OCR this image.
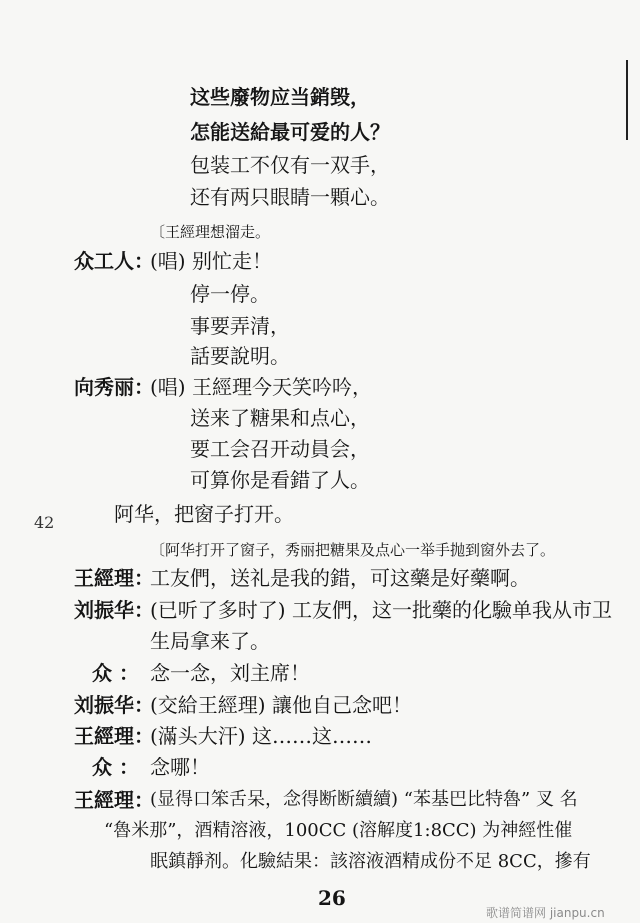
这些廢物应当銷毁，
怎能送給最可爱的人？
包装工不仅有一双手，
还有两只眼睛一顆心。
〔王經理想溜走。
众工人：
(唱) 别忙走！
停一停。
事要弄清，
話要說明。
向秀丽：
(唱) 王經理今天笑吟吟，
送来了糖果和点心，
要工会召开动員会，
可算你是看錯了人。
42	阿华，把窗子打开。
〔阿华打开了窗子，秀丽把糖果及点心一举手抛到窗外去了。
王經理：
工友們，送礼是我的錯，可这藥是好藥啊。
刘振华：
(已听了多时了) 工友們，这一批藥的化驗单我从市卫
生局拿来了。
众 ： 念一念，刘主席！
刘振华：
(交給王經理) 讓他自己念吧！
王經理：
(滿头大汗) 这……这……
众 ： 念哪！
王經理：
(显得口笨舌呆，念得断断續續) “苯基巴比特魯” 叉 名
“魯米那”，酒精溶液，100CC (溶解度1:8CC) 为神經性催
眠鎮靜剂。化驗結果：該溶液酒精成份不足 8CC，摻有
26
歌谱简谱网 jianpu.cn
